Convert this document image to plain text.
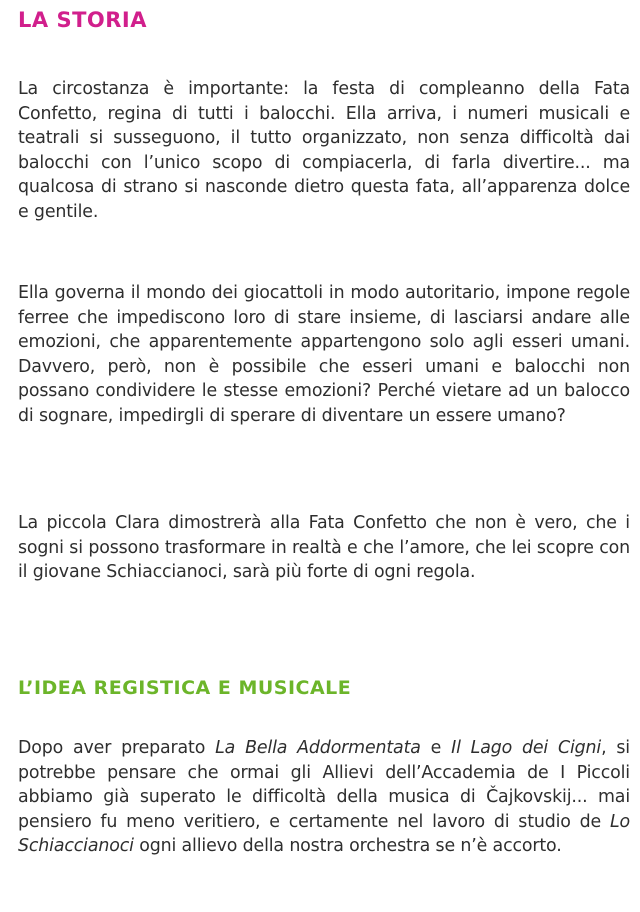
LA STORIA

La circostanza è importante: la festa di compleanno della Fata Confetto, regina di tutti i balocchi. Ella arriva, i numeri musicali e teatrali si susseguono, il tutto organizzato, non senza difficoltà dai balocchi con l’unico scopo di compiacerla, di farla divertire... ma qualcosa di strano si nasconde dietro questa fata, all’apparenza dolce e gentile.

Ella governa il mondo dei giocattoli in modo autoritario, impone regole ferree che impediscono loro di stare insieme, di lasciarsi andare alle emozioni, che apparentemente appartengono solo agli esseri umani. Davvero, però, non è possibile che esseri umani e balocchi non possano condividere le stesse emozioni? Perché vietare ad un balocco di sognare, impedirgli di sperare di diventare un essere umano?

La piccola Clara dimostrerà alla Fata Confetto che non è vero, che i sogni si possono trasformare in realtà e che l’amore, che lei scopre con il giovane Schiaccianoci, sarà più forte di ogni regola.

L’IDEA REGISTICA E MUSICALE

Dopo aver preparato La Bella Addormentata e Il Lago dei Cigni, si potrebbe pensare che ormai gli Allievi dell’Accademia de I Piccoli abbiamo già superato le difficoltà della musica di Čajkovskij... mai pensiero fu meno veritiero, e certamente nel lavoro di studio de Lo Schiaccianoci ogni allievo della nostra orchestra se n’è accorto.
